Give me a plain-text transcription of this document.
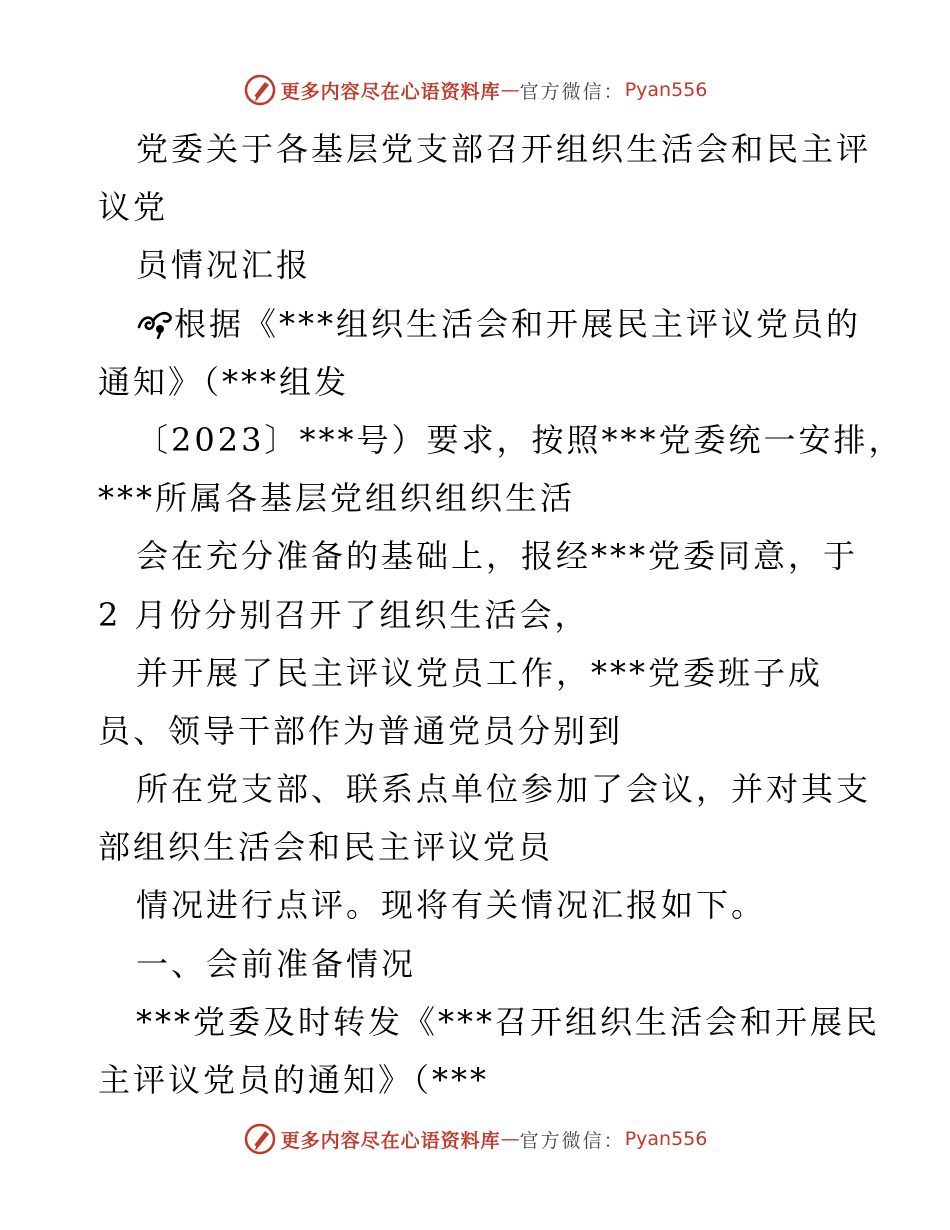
更多内容尽在心语资料库 — 官方微信： Pyan556
党委关于各基层党支部召开组织生活会和民主评
议党
员情况汇报
根据《***组织生活会和开展民主评议党员的
通知》（***组发
〔2023〕***号）要求，按照***党委统一安排，
***所属各基层党组织组织生活
会在充分准备的基础上，报经***党委同意，于
2 月份分别召开了组织生活会，
并开展了民主评议党员工作，***党委班子成
员、领导干部作为普通党员分别到
所在党支部、联系点单位参加了会议，并对其支
部组织生活会和民主评议党员
情况进行点评。现将有关情况汇报如下。
一、会前准备情况
***党委及时转发《***召开组织生活会和开展民
主评议党员的通知》（***
更多内容尽在心语资料库 — 官方微信： Pyan556
